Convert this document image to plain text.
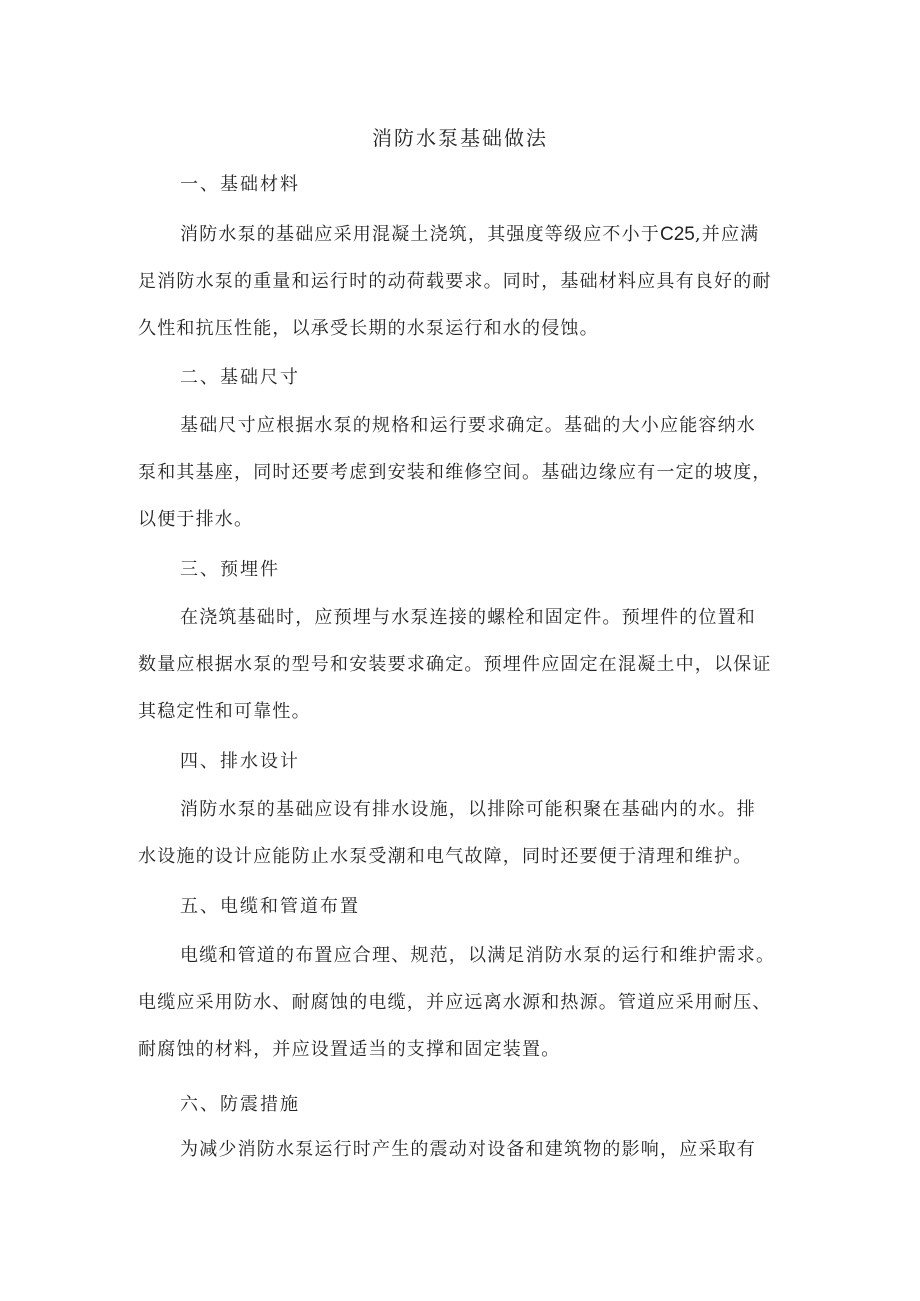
消防水泵基础做法
一、基础材料
消防水泵的基础应采用混凝土浇筑，其强度等级应不小于C25,并应满
足消防水泵的重量和运行时的动荷载要求。同时，基础材料应具有良好的耐
久性和抗压性能，以承受长期的水泵运行和水的侵蚀。
二、基础尺寸
基础尺寸应根据水泵的规格和运行要求确定。基础的大小应能容纳水
泵和其基座，同时还要考虑到安装和维修空间。基础边缘应有一定的坡度，
以便于排水。
三、预埋件
在浇筑基础时，应预埋与水泵连接的螺栓和固定件。预埋件的位置和
数量应根据水泵的型号和安装要求确定。预埋件应固定在混凝土中，以保证
其稳定性和可靠性。
四、排水设计
消防水泵的基础应设有排水设施，以排除可能积聚在基础内的水。排
水设施的设计应能防止水泵受潮和电气故障，同时还要便于清理和维护。
五、电缆和管道布置
电缆和管道的布置应合理、规范，以满足消防水泵的运行和维护需求。
电缆应采用防水、耐腐蚀的电缆，并应远离水源和热源。管道应采用耐压、
耐腐蚀的材料，并应设置适当的支撑和固定装置。
六、防震措施
为减少消防水泵运行时产生的震动对设备和建筑物的影响，应采取有
